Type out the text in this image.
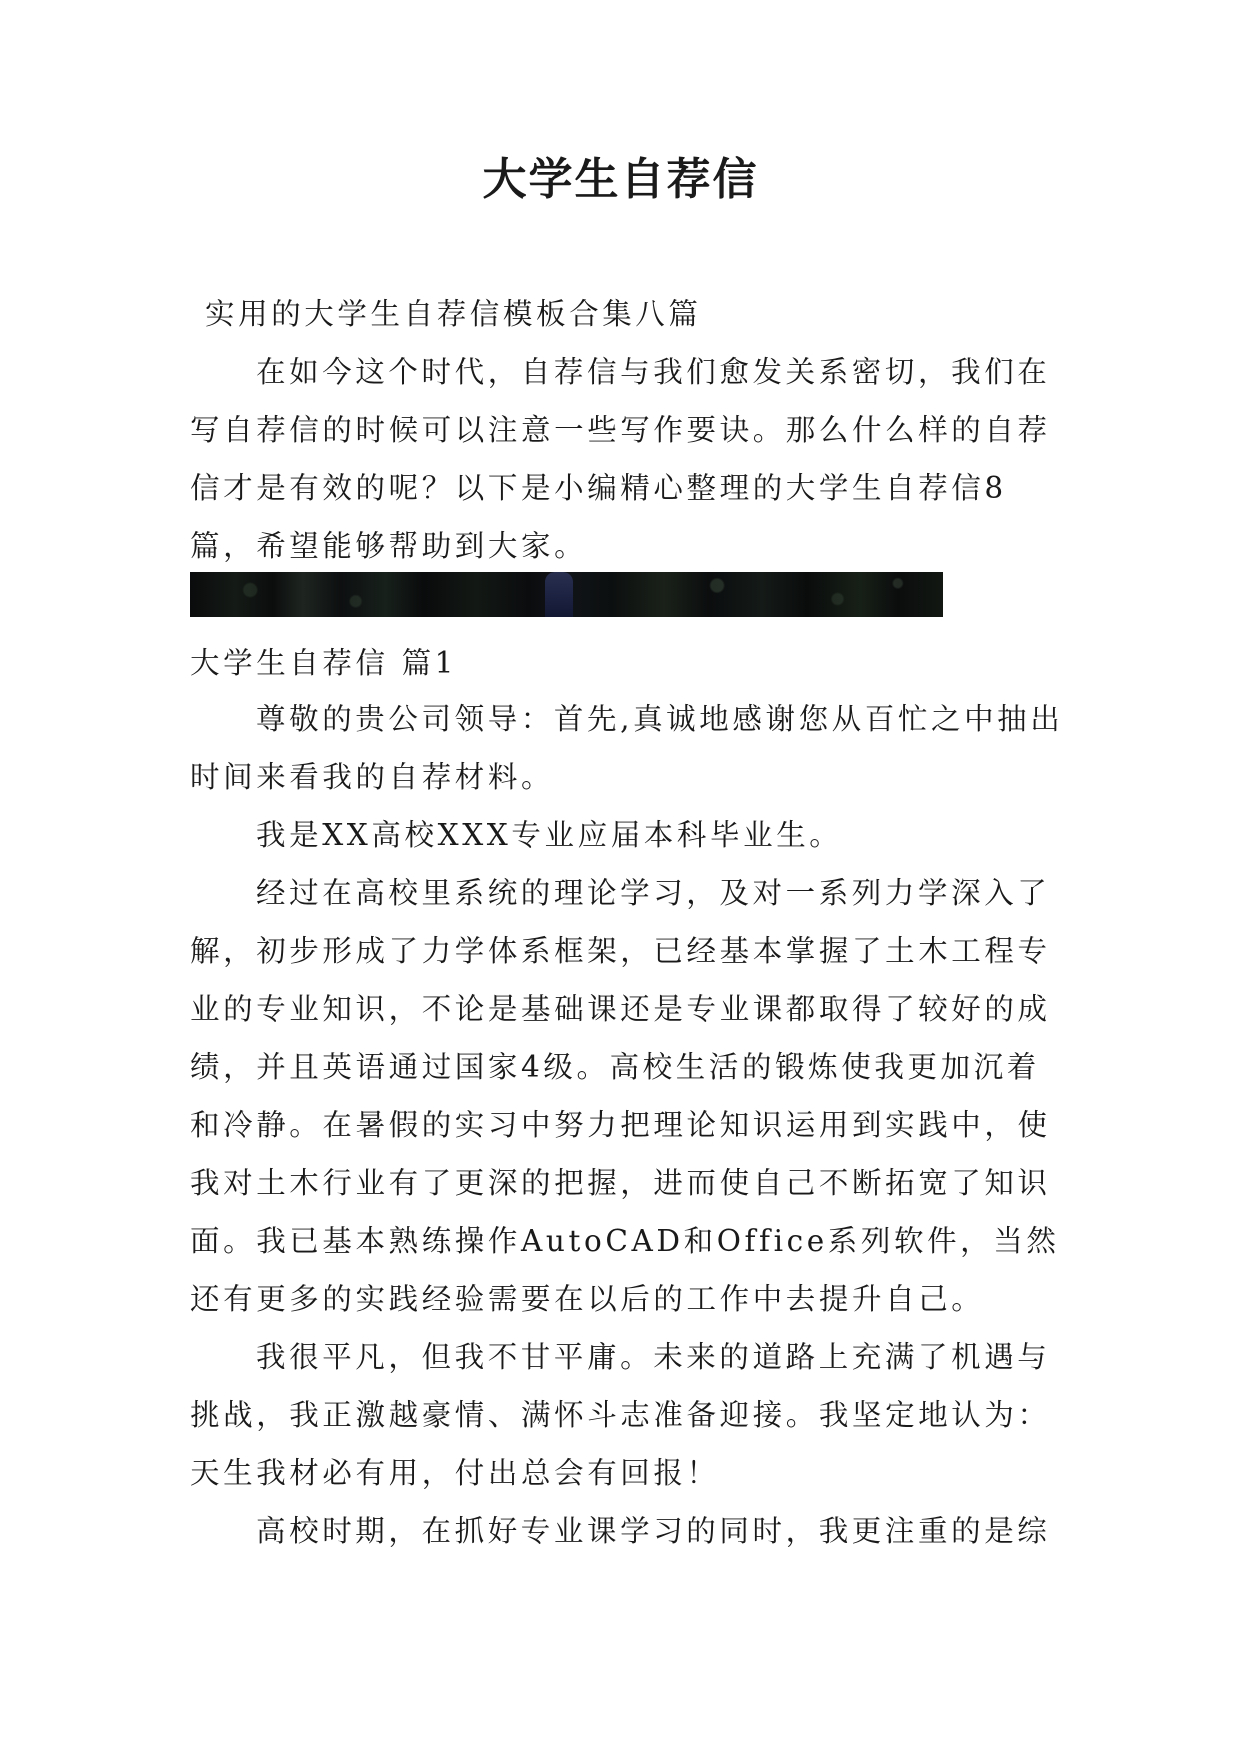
大学生自荐信

实用的大学生自荐信模板合集八篇

在如今这个时代，自荐信与我们愈发关系密切，我们在写自荐信的时候可以注意一些写作要诀。那么什么样的自荐信才是有效的呢？以下是小编精心整理的大学生自荐信8篇，希望能够帮助到大家。

大学生自荐信 篇1

尊敬的贵公司领导：首先,真诚地感谢您从百忙之中抽出时间来看我的自荐材料。

我是XX高校XXX专业应届本科毕业生。

经过在高校里系统的理论学习，及对一系列力学深入了解，初步形成了力学体系框架，已经基本掌握了土木工程专业的专业知识，不论是基础课还是专业课都取得了较好的成绩，并且英语通过国家4级。高校生活的锻炼使我更加沉着和冷静。在暑假的实习中努力把理论知识运用到实践中，使我对土木行业有了更深的把握，进而使自己不断拓宽了知识面。我已基本熟练操作AutoCAD和Office系列软件，当然还有更多的实践经验需要在以后的工作中去提升自己。

我很平凡，但我不甘平庸。未来的道路上充满了机遇与挑战，我正激越豪情、满怀斗志准备迎接。我坚定地认为：天生我材必有用，付出总会有回报！

高校时期，在抓好专业课学习的同时，我更注重的是综
